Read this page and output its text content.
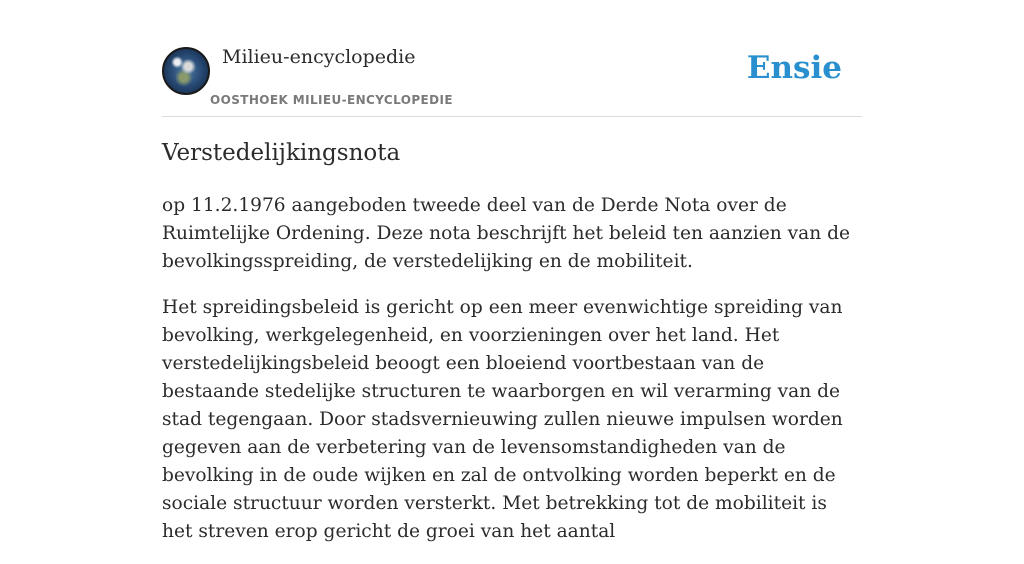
Milieu-encyclopedie
OOSTHOEK MILIEU-ENCYCLOPEDIE
Ensie
Verstedelijkingsnota

op 11.2.1976 aangeboden tweede deel van de Derde Nota over de Ruimtelijke Ordening. Deze nota beschrijft het beleid ten aanzien van de bevolkingsspreiding, de verstedelijking en de mobiliteit.

Het spreidingsbeleid is gericht op een meer evenwichtige spreiding van bevolking, werkgelegenheid, en voorzieningen over het land. Het verstedelijkingsbeleid beoogt een bloeiend voortbestaan van de bestaande stedelijke structuren te waarborgen en wil verarming van de stad tegengaan. Door stadsvernieuwing zullen nieuwe impulsen worden gegeven aan de verbetering van de levensomstandigheden van de bevolking in de oude wijken en zal de ontvolking worden beperkt en de sociale structuur worden versterkt. Met betrekking tot de mobiliteit is het streven erop gericht de groei van het aantal
